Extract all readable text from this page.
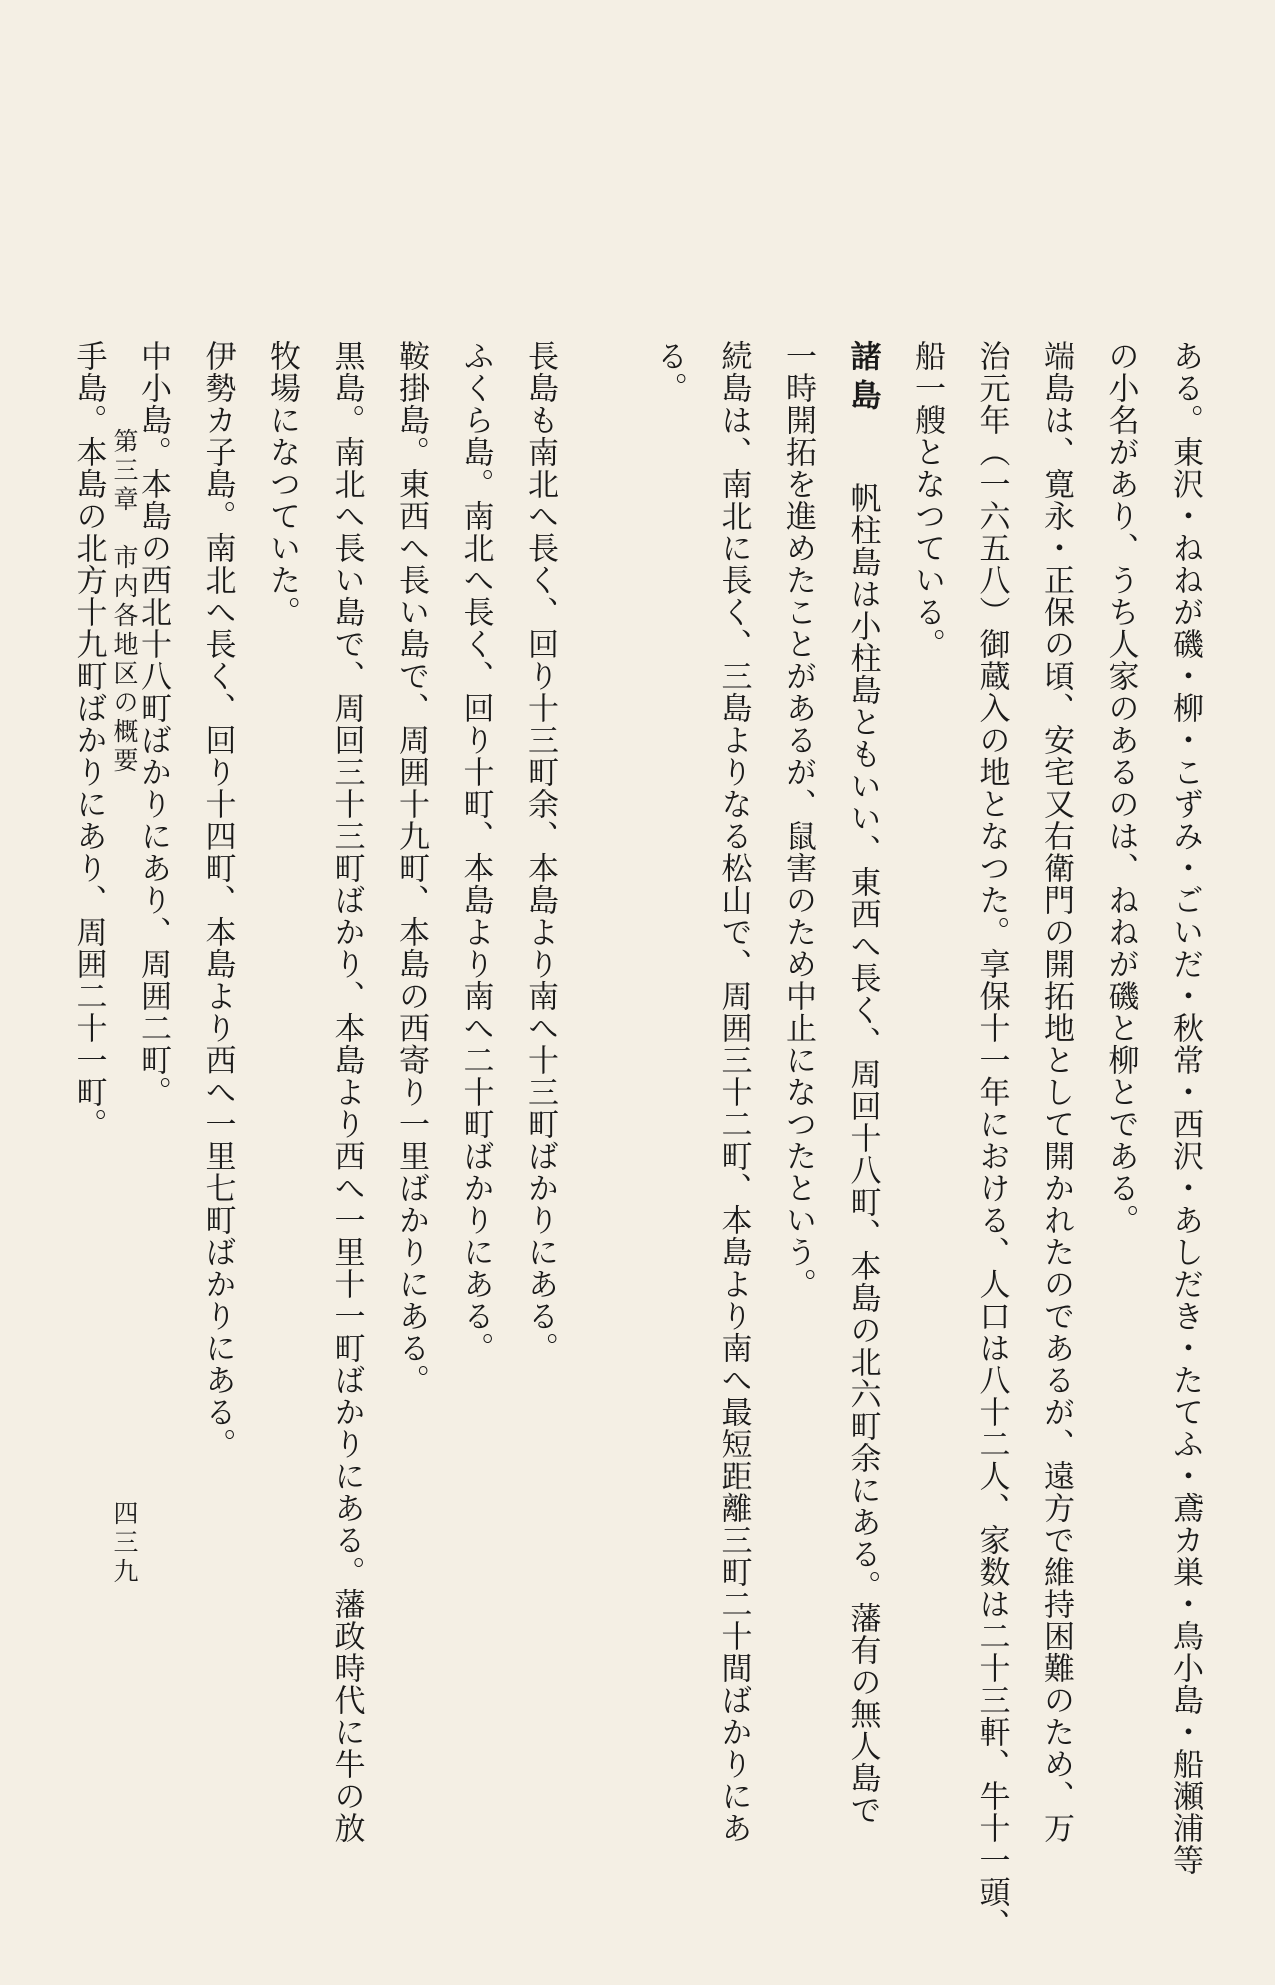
ある。東沢・ねねが磯・柳・こずみ・ごいだ・秋常・西沢・あしだき・たてふ・鳶カ巣・鳥小島・船瀬浦等
の小名があり、うち人家のあるのは、ねねが磯と柳とである。
端島は、寛永・正保の頃、安宅又右衛門の開拓地として開かれたのであるが、遠方で維持困難のため、万
治元年（一六五八）御蔵入の地となつた。享保十一年における、人口は八十二人、家数は二十三軒、牛十一頭、
船一艘となつている。
諸島　　帆柱島は小柱島ともいい、東西へ長く、周回十八町、本島の北六町余にある。藩有の無人島で
一時開拓を進めたことがあるが、鼠害のため中止になつたという。
続島は、南北に長く、三島よりなる松山で、周囲三十二町、本島より南へ最短距離三町二十間ばかりにあ
る。

長島も南北へ長く、回り十三町余、本島より南へ十三町ばかりにある。
ふくら島。南北へ長く、回り十町、本島より南へ二十町ばかりにある。
鞍掛島。東西へ長い島で、周囲十九町、本島の西寄り一里ばかりにある。
黒島。南北へ長い島で、周回三十三町ばかり、本島より西へ一里十一町ばかりにある。藩政時代に牛の放
牧場になつていた。
伊勢カ子島。南北へ長く、回り十四町、本島より西へ一里七町ばかりにある。
中小島。本島の西北十八町ばかりにあり、周囲二町。
手島。本島の北方十九町ばかりにあり、周囲二十一町。 第三章　市内各地区の概要
四三九
